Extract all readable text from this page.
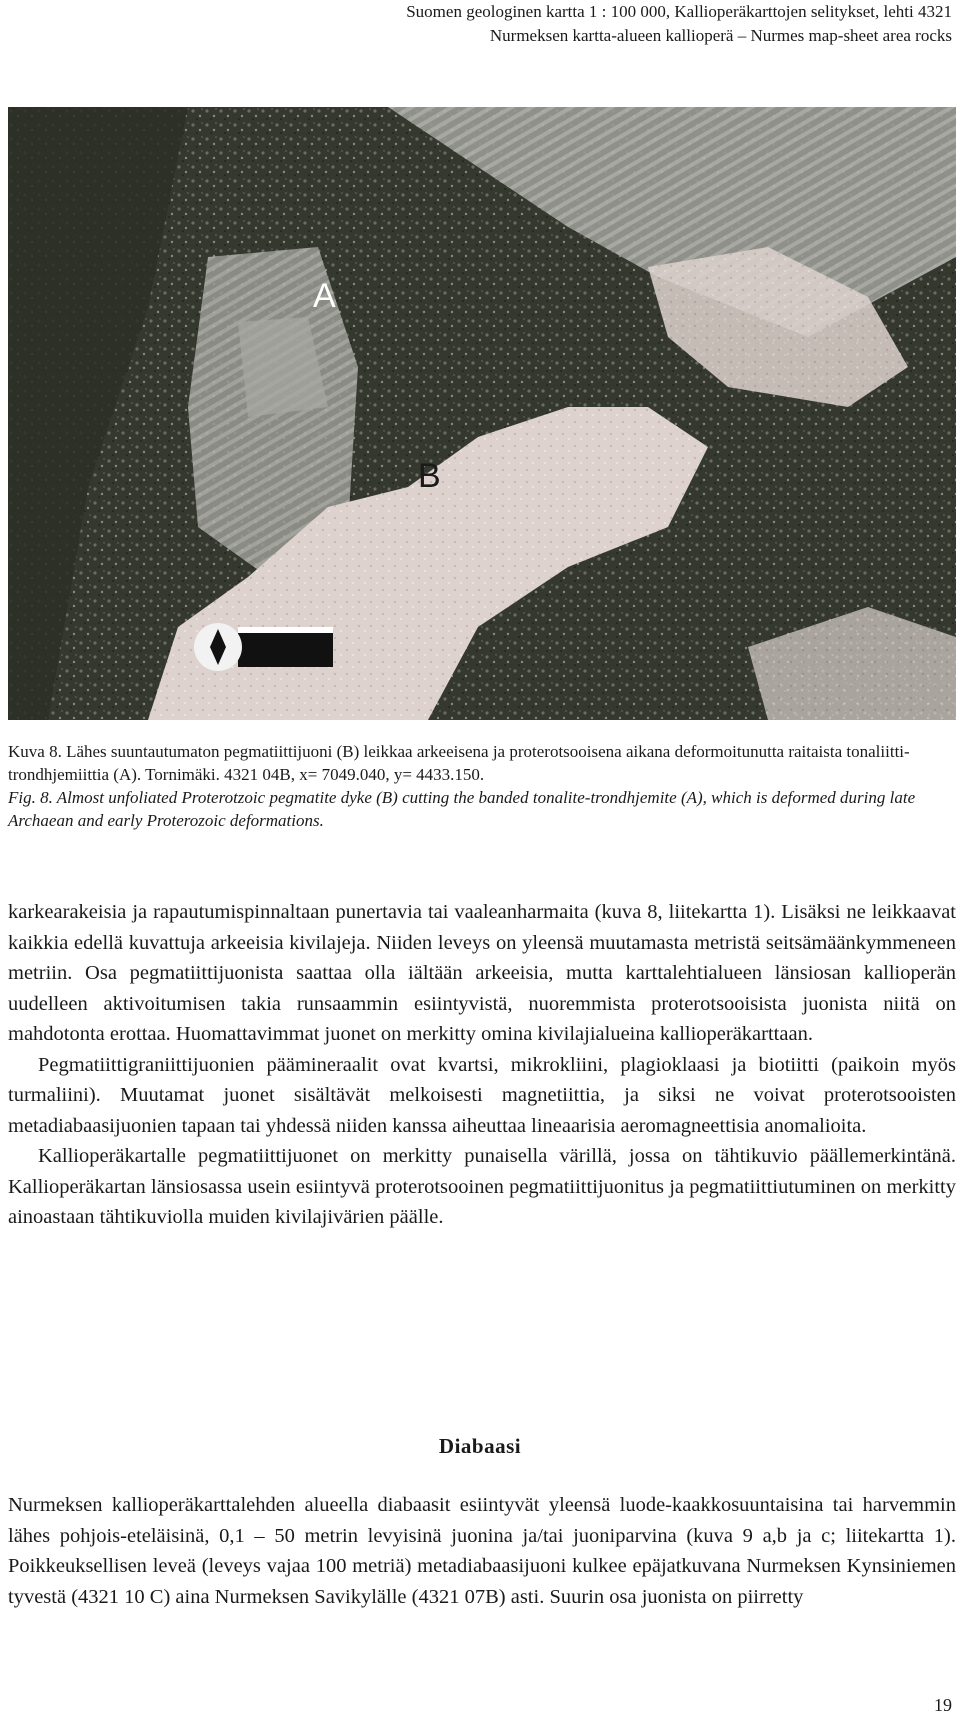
Suomen geologinen kartta 1 : 100 000, Kallioperäkarttojen selitykset, lehti 4321
Nurmeksen kartta-alueen kallioperä – Nurmes map-sheet area rocks
A
B

Kuva 8. Lähes suuntautumaton pegmatiittijuoni (B) leikkaa arkeeisena ja proterotsooisena aikana deformoitunutta raitaista tonaliitti-trondhjemiittia (A). Tornimäki. 4321 04B, x= 7049.040, y= 4433.150.

Fig. 8. Almost unfoliated Proterotzoic pegmatite dyke (B) cutting the banded tonalite-trondhjemite (A), which is deformed during late Archaean and early Proterozoic deformations.

karkearakeisia ja rapautumispinnaltaan punertavia tai vaaleanharmaita (kuva 8, liitekartta 1). Lisäksi ne leikkaavat kaikkia edellä kuvattuja arkeeisia kivilajeja. Niiden leveys on yleensä muutamasta metristä seitsämäänkymmeneen metriin. Osa pegmatiittijuonista saattaa olla iältään arkeeisia, mutta karttalehtialueen länsiosan kallioperän uudelleen aktivoitumisen takia runsaammin esiintyvistä, nuoremmista proterotsooisista juonista niitä on mahdotonta erottaa. Huomattavimmat juonet on merkitty omina kivilajialueina kallioperäkarttaan.

Pegmatiittigraniittijuonien päämineraalit ovat kvartsi, mikrokliini, plagioklaasi ja biotiitti (paikoin myös turmaliini). Muutamat juonet sisältävät melkoisesti magnetiittia, ja siksi ne voivat proterotsooisten metadiabaasijuonien tapaan tai yhdessä niiden kanssa aiheuttaa lineaarisia aeromagneettisia anomalioita.

Kallioperäkartalle pegmatiittijuonet on merkitty punaisella värillä, jossa on tähtikuvio päällemerkintänä. Kallioperäkartan länsiosassa usein esiintyvä proterotsooinen pegmatiittijuonitus ja pegmatiittiutuminen on merkitty ainoastaan tähtikuviolla muiden kivilajivärien päälle.

Diabaasi

Nurmeksen kallioperäkarttalehden alueella diabaasit esiintyvät yleensä luode-kaakkosuuntaisina tai harvemmin lähes pohjois-eteläisinä, 0,1 – 50 metrin levyisinä juonina ja/tai juoniparvina (kuva 9 a,b ja c; liitekartta 1). Poikkeuksellisen leveä (leveys vajaa 100 metriä) metadiabaasijuoni kulkee epäjatkuvana Nurmeksen Kynsiniemen tyvestä (4321 10 C) aina Nurmeksen Savikylälle (4321 07B) asti. Suurin osa juonista on piirretty

19
